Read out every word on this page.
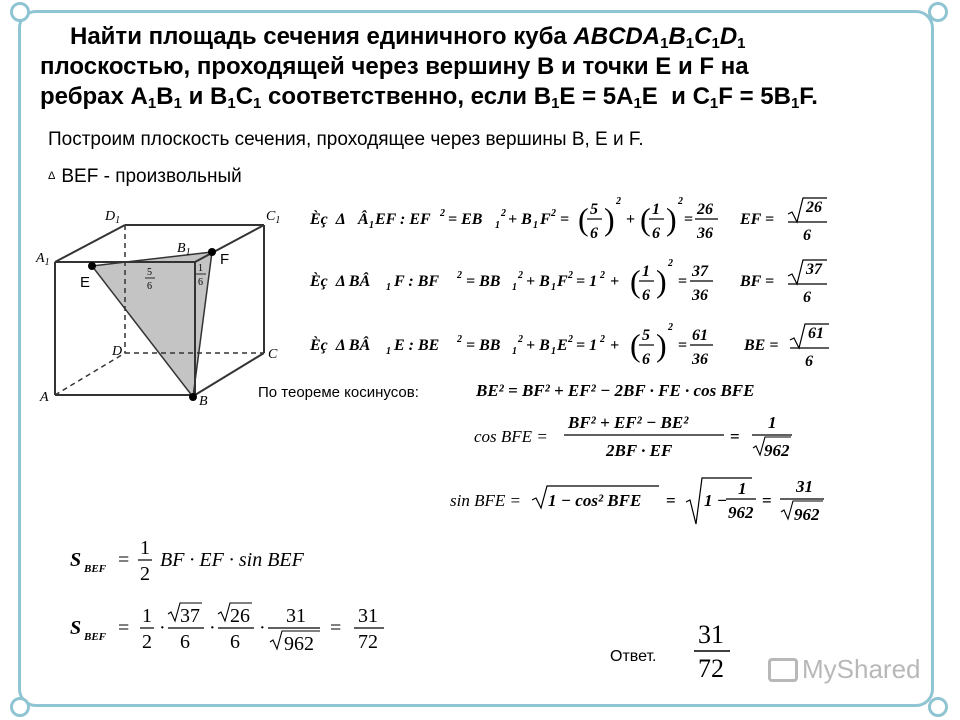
Найти площадь сечения единичного куба $ABCDA_1B_1C_1D_1$
плоскостью, проходящей через вершину B и точки E и F на
ребрах $A_1B_1$ и $B_1C_1$ соответственно, если $B_1E = 5A_1E$  и $C_1F = 5B_1F$.
Построим плоскость сечения, проходящее через вершины B, E и F.
Δ BEF - произвольный
$D_1$	$C_1$
$A_1$
$B_1$
D	C
A	B
E
F
5
6
1
6
Èç  Δ Â 1 EF : EF 2 = EB 1
2
+ B 1 F 2 = ( 5
6 ) 2
+ ( 1
6 ) 2
=
26
36
EF =
26
6
Èç  Δ BÂ 1 F : BF 2 = BB 1
2 + B 1 F 2 = 1 2 + ( 1
6 ) 2
=
37
36
BF =
37
6
Èç  Δ BÂ 1 E : BE 2 = BB 1
2 + B 1 E 2 = 1 2 + ( 5
6 ) 2
=
61
36
BE =
61
6
По теореме косинусов:	BE² = BF² + EF² − 2BF · FE · cos BFE
cos BFE =
BF² + EF² − BE²
2BF · EF
=
1
962
sin BFE = 1 − cos² BFE = 1 −
1
962
=
31
962
S BEF =
1
2
BF · EF · sin BEF
S BEF =
1
2
·
37
6
·
26
6
·
31
962
=
31
72
Ответ.
31
72	MyShared
